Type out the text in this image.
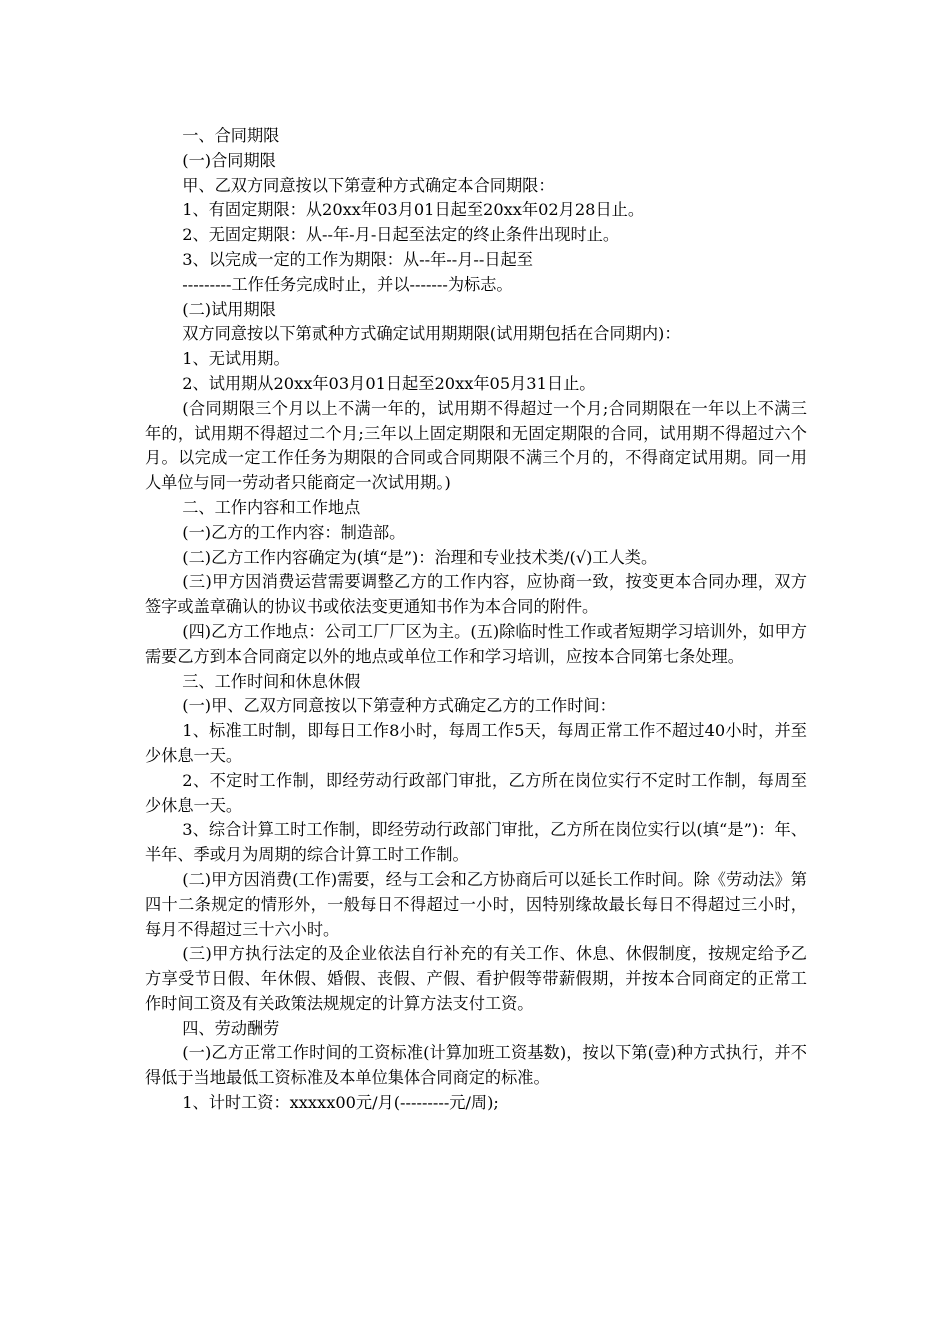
一、合同期限

(一)合同期限

甲、乙双方同意按以下第壹种方式确定本合同期限：

1、有固定期限：从20xx年03月01日起至20xx年02月28日止。

2、无固定期限：从--年-月-日起至法定的终止条件出现时止。

3、以完成一定的工作为期限：从--年--月--日起至

---------工作任务完成时止，并以-------为标志。

(二)试用期限

双方同意按以下第贰种方式确定试用期期限(试用期包括在合同期内)：

1、无试用期。

2、试用期从20xx年03月01日起至20xx年05月31日止。

(合同期限三个月以上不满一年的，试用期不得超过一个月;合同期限在一年以上不满三年的，试用期不得超过二个月;三年以上固定期限和无固定期限的合同，试用期不得超过六个月。以完成一定工作任务为期限的合同或合同期限不满三个月的，不得商定试用期。同一用人单位与同一劳动者只能商定一次试用期。)

二、工作内容和工作地点

(一)乙方的工作内容：制造部。

(二)乙方工作内容确定为(填“是”)：治理和专业技术类/(√)工人类。

(三)甲方因消费运营需要调整乙方的工作内容，应协商一致，按变更本合同办理，双方签字或盖章确认的协议书或依法变更通知书作为本合同的附件。

(四)乙方工作地点：公司工厂厂区为主。(五)除临时性工作或者短期学习培训外，如甲方需要乙方到本合同商定以外的地点或单位工作和学习培训，应按本合同第七条处理。

三、工作时间和休息休假

(一)甲、乙双方同意按以下第壹种方式确定乙方的工作时间：

1、标准工时制，即每日工作8小时，每周工作5天，每周正常工作不超过40小时，并至少休息一天。

2、不定时工作制，即经劳动行政部门审批，乙方所在岗位实行不定时工作制，每周至少休息一天。

3、综合计算工时工作制，即经劳动行政部门审批，乙方所在岗位实行以(填“是”)：年、半年、季或月为周期的综合计算工时工作制。

(二)甲方因消费(工作)需要，经与工会和乙方协商后可以延长工作时间。除《劳动法》第四十二条规定的情形外，一般每日不得超过一小时，因特别缘故最长每日不得超过三小时，每月不得超过三十六小时。

(三)甲方执行法定的及企业依法自行补充的有关工作、休息、休假制度，按规定给予乙方享受节日假、年休假、婚假、丧假、产假、看护假等带薪假期，并按本合同商定的正常工作时间工资及有关政策法规规定的计算方法支付工资。

四、劳动酬劳

(一)乙方正常工作时间的工资标准(计算加班工资基数)，按以下第(壹)种方式执行，并不得低于当地最低工资标准及本单位集体合同商定的标准。

1、计时工资：xxxxx00元/月(---------元/周);
